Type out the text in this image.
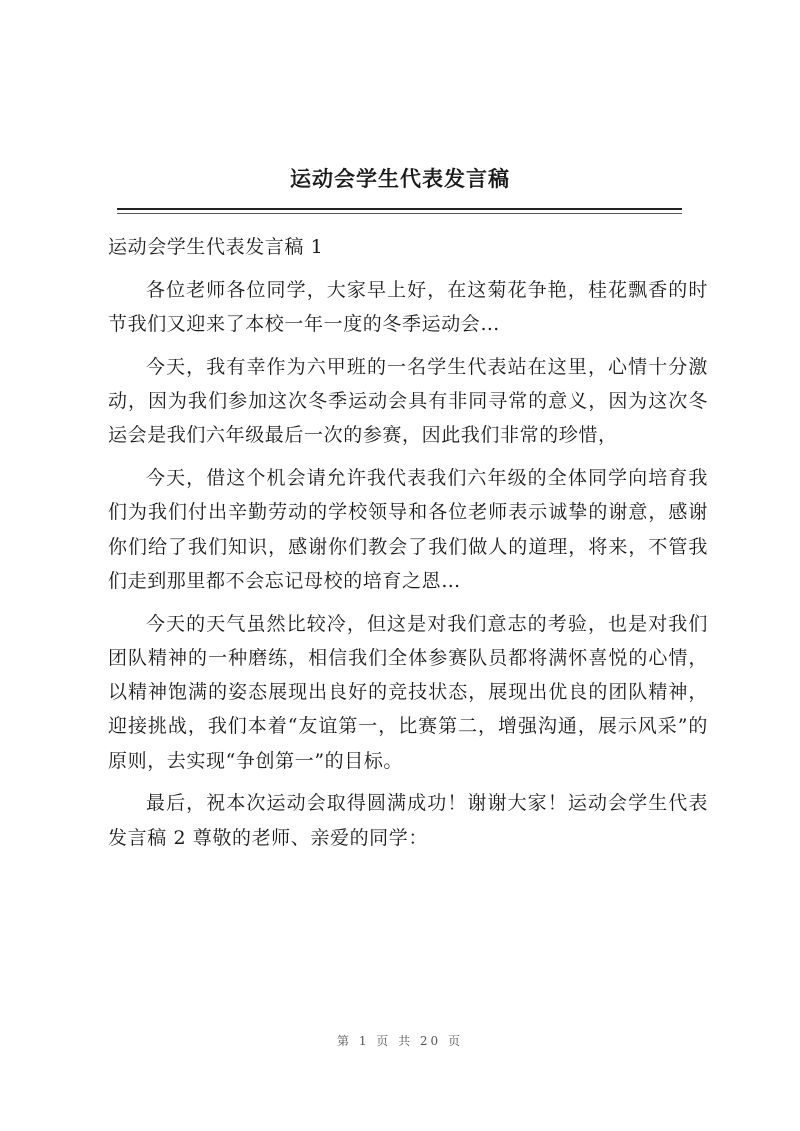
运动会学生代表发言稿

运动会学生代表发言稿 1

各位老师各位同学，大家早上好，在这菊花争艳，桂花飘香的时节我们又迎来了本校一年一度的冬季运动会…

今天，我有幸作为六甲班的一名学生代表站在这里，心情十分激动，因为我们参加这次冬季运动会具有非同寻常的意义，因为这次冬运会是我们六年级最后一次的参赛，因此我们非常的珍惜，

今天，借这个机会请允许我代表我们六年级的全体同学向培育我们为我们付出辛勤劳动的学校领导和各位老师表示诚挚的谢意，感谢你们给了我们知识，感谢你们教会了我们做人的道理，将来，不管我们走到那里都不会忘记母校的培育之恩…

今天的天气虽然比较冷，但这是对我们意志的考验，也是对我们团队精神的一种磨练，相信我们全体参赛队员都将满怀喜悦的心情，以精神饱满的姿态展现出良好的竞技状态，展现出优良的团队精神，迎接挑战，我们本着“友谊第一，比赛第二，增强沟通，展示风采”的原则，去实现“争创第一”的目标。

最后，祝本次运动会取得圆满成功！谢谢大家！运动会学生代表发言稿 2 尊敬的老师、亲爱的同学：

第 1 页 共 20 页
